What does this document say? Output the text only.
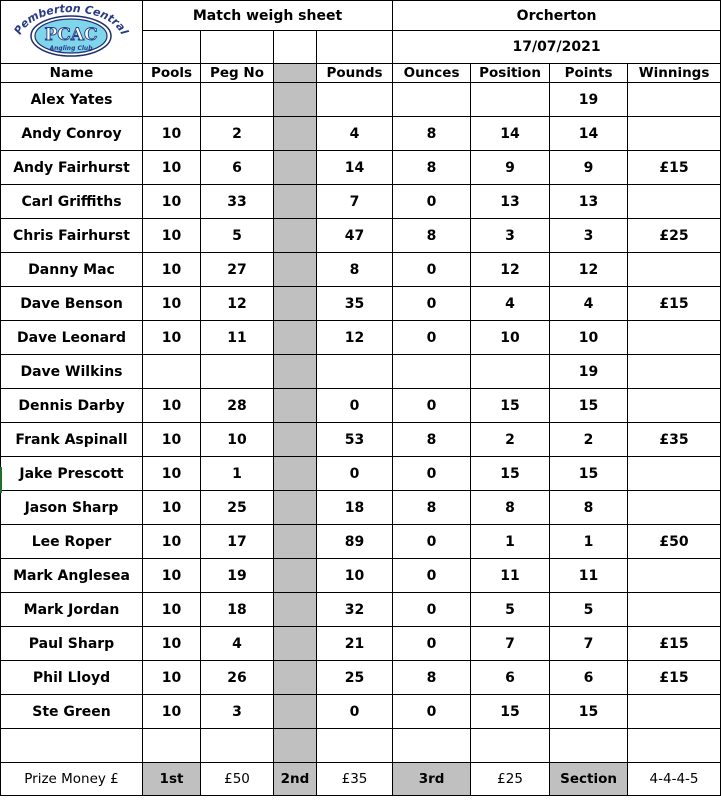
Pemberton Central
PCAC
Angling Club	Match weigh sheet				Orcherton			
					17/07/2021			
Name	Pools	Peg No		Pounds	Ounces	Position	Points	Winnings
Alex Yates							19	
Andy Conroy	10	2		4	8	14	14	
Andy Fairhurst	10	6		14	8	9	9	£15
Carl Griffiths	10	33		7	0	13	13	
Chris Fairhurst	10	5		47	8	3	3	£25
Danny Mac	10	27		8	0	12	12	
Dave Benson	10	12		35	0	4	4	£15
Dave Leonard	10	11		12	0	10	10	
Dave Wilkins							19	
Dennis Darby	10	28		0	0	15	15	
Frank Aspinall	10	10		53	8	2	2	£35
Jake Prescott	10	1		0	0	15	15	
Jason Sharp	10	25		18	8	8	8	
Lee Roper	10	17		89	0	1	1	£50
Mark Anglesea	10	19		10	0	11	11	
Mark Jordan	10	18		32	0	5	5	
Paul Sharp	10	4		21	0	7	7	£15
Phil Lloyd	10	26		25	8	6	6	£15
Ste Green	10	3		0	0	15	15	

Prize Money £	1st	£50	2nd	£35	3rd	£25	Section	4-4-4-5
